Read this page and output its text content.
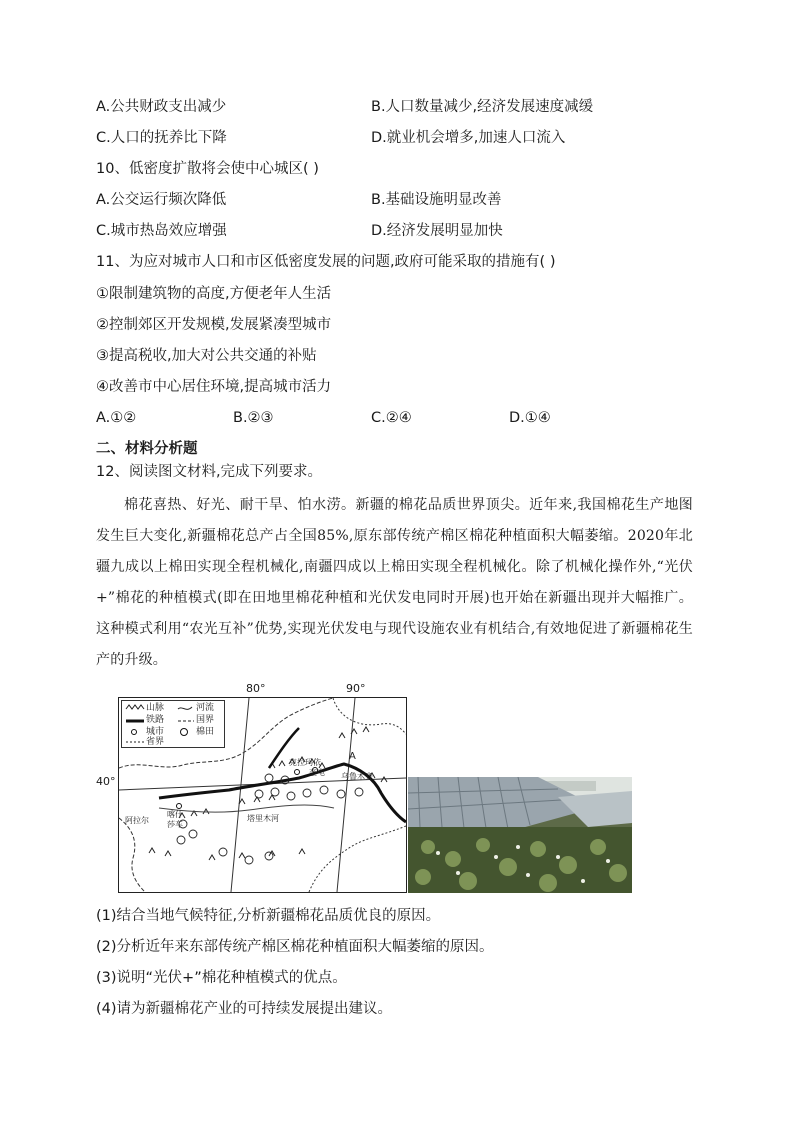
A.公共财政支出减少	B.人口数量减少,经济发展速度减缓
C.人口的抚养比下降	D.就业机会增多,加速人口流入
10、低密度扩散将会使中心城区( )
A.公交运行频次降低	B.基础设施明显改善
C.城市热岛效应增强	D.经济发展明显加快
11、为应对城市人口和市区低密度发展的问题,政府可能采取的措施有( )
①限制建筑物的高度,方便老年人生活
②控制郊区开发规模,发展紧凑型城市
③提高税收,加大对公共交通的补贴
④改善市中心居住环境,提高城市活力
A.①②	B.②③	C.②④	D.①④
二、材料分析题
12、阅读图文材料,完成下列要求。
棉花喜热、好光、耐干旱、怕水涝。新疆的棉花品质世界顶尖。近年来,我国棉花生产地图发生巨大变化,新疆棉花总产占全国85%,原东部传统产棉区棉花种植面积大幅萎缩。2020年北疆九成以上棉田实现全程机械化,南疆四成以上棉田实现全程机械化。除了机械化操作外,“光伏+”棉花的种植模式(即在田地里棉花种植和光伏发电同时开展)也开始在新疆出现并大幅推广。这种模式利用“农光互补”优势,实现光伏发电与现代设施农业有机结合,有效地促进了新疆棉花生产的升级。
80°	90°
40°
山脉	河流
铁路	国界
城市	棉田
省界
克拉玛依
奎屯 乌鲁木齐
A
喀什
莎车
阿拉尔	塔里木河
(1)结合当地气候特征,分析新疆棉花品质优良的原因。
(2)分析近年来东部传统产棉区棉花种植面积大幅萎缩的原因。
(3)说明“光伏+”棉花种植模式的优点。
(4)请为新疆棉花产业的可持续发展提出建议。
